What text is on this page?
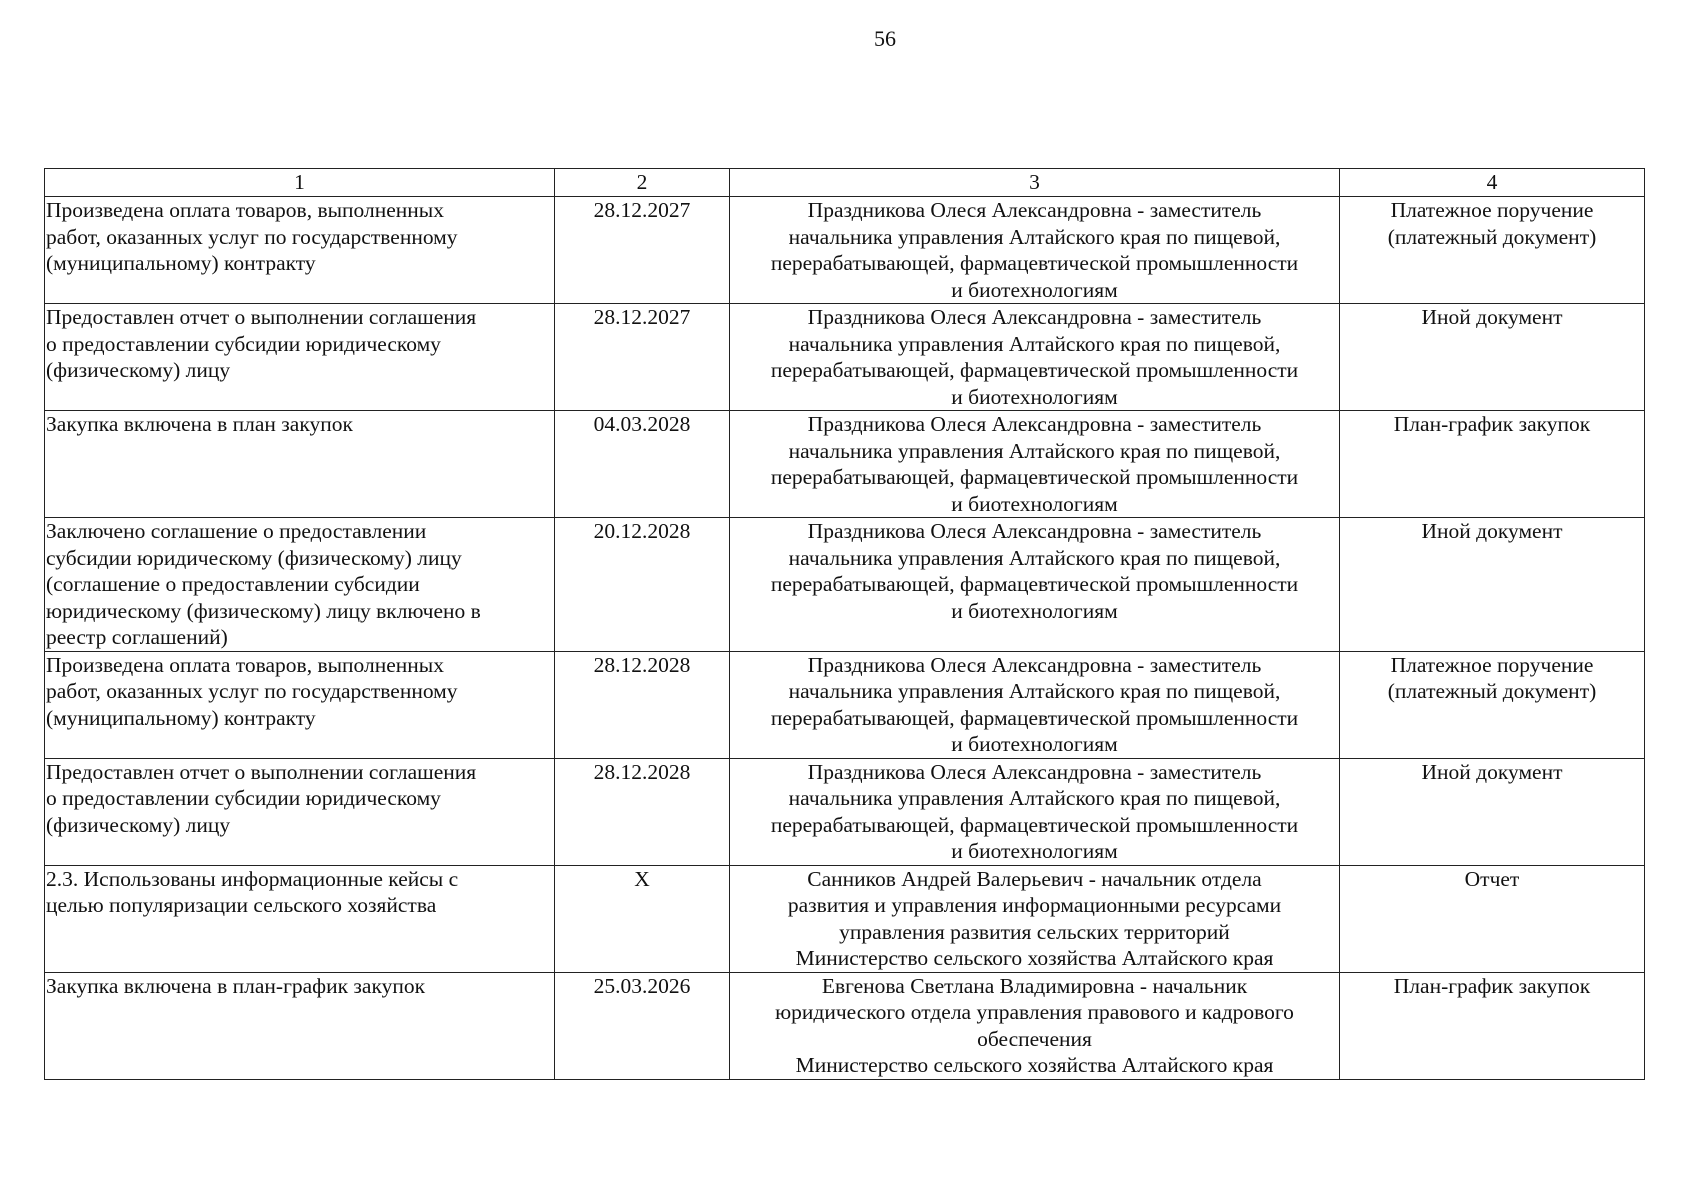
56
1	2	3	4

Произведена оплата товаров, выполненных
работ, оказанных услуг по государственному
(муниципальному) контракту	28.12.2027	Праздникова Олеся Александровна - заместитель
начальника управления Алтайского края по пищевой,
перерабатывающей, фармацевтической промышленности
и биотехнологиям	Платежное поручение
(платежный документ)

Предоставлен отчет о выполнении соглашения
о предоставлении субсидии юридическому
(физическому) лицу	28.12.2027	Праздникова Олеся Александровна - заместитель
начальника управления Алтайского края по пищевой,
перерабатывающей, фармацевтической промышленности
и биотехнологиям	Иной документ

Закупка включена в план закупок	04.03.2028	Праздникова Олеся Александровна - заместитель
начальника управления Алтайского края по пищевой,
перерабатывающей, фармацевтической промышленности
и биотехнологиям	План-график закупок

Заключено соглашение о предоставлении
субсидии юридическому (физическому) лицу
(соглашение о предоставлении субсидии
юридическому (физическому) лицу включено в
реестр соглашений)	20.12.2028	Праздникова Олеся Александровна - заместитель
начальника управления Алтайского края по пищевой,
перерабатывающей, фармацевтической промышленности
и биотехнологиям	Иной документ

Произведена оплата товаров, выполненных
работ, оказанных услуг по государственному
(муниципальному) контракту	28.12.2028	Праздникова Олеся Александровна - заместитель
начальника управления Алтайского края по пищевой,
перерабатывающей, фармацевтической промышленности
и биотехнологиям	Платежное поручение
(платежный документ)

Предоставлен отчет о выполнении соглашения
о предоставлении субсидии юридическому
(физическому) лицу	28.12.2028	Праздникова Олеся Александровна - заместитель
начальника управления Алтайского края по пищевой,
перерабатывающей, фармацевтической промышленности
и биотехнологиям	Иной документ

2.3. Использованы информационные кейсы с
целью популяризации сельского хозяйства	X	Санников Андрей Валерьевич - начальник отдела
развития и управления информационными ресурсами
управления развития сельских территорий
Министерство сельского хозяйства Алтайского края	Отчет

Закупка включена в план-график закупок	25.03.2026	Евгенова Светлана Владимировна - начальник
юридического отдела управления правового и кадрового
обеспечения
Министерство сельского хозяйства Алтайского края	План-график закупок
